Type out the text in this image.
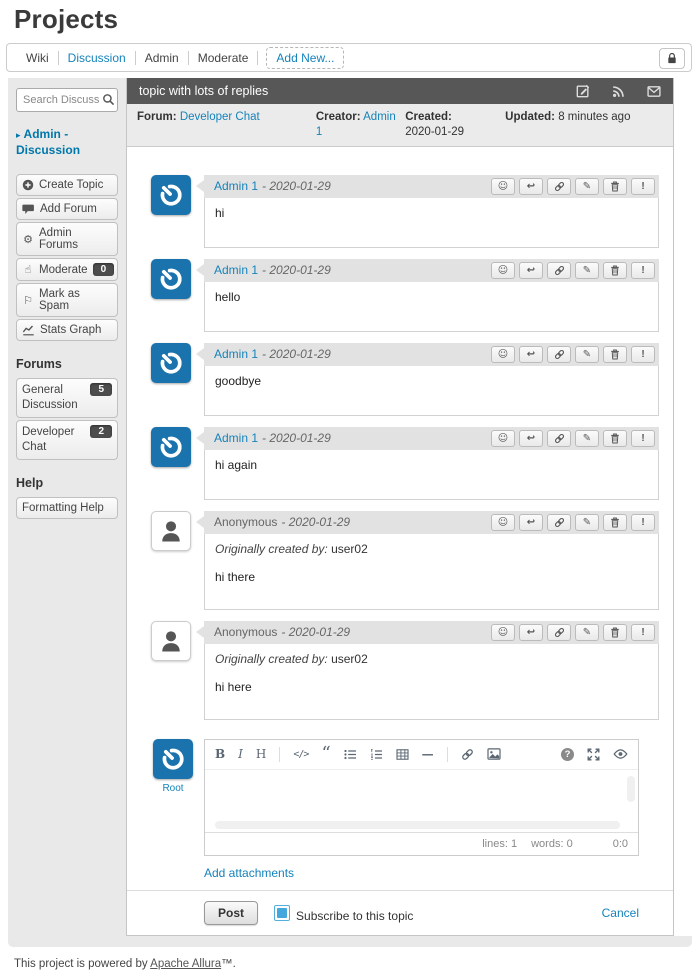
Projects
Wiki	Discussion	Admin	Moderate	Add New...
Search Discussion
▸ Admin - Discussion
Create Topic
Add Forum
⚙ Admin Forums
☝ Moderate	0
⚐ Mark as Spam
Stats Graph
Forums
General Discussion
5
Developer Chat
2
Help
Formatting Help
topic with lots of replies
Forum: Developer Chat	Creator: Admin 1
Created:
2020-01-29
Updated: 8 minutes ago
Admin 1 - 2020-01-29	☺ ↩	✎	!

hi

Admin 1 - 2020-01-29	☺ ↩	✎	!

hello

Admin 1 - 2020-01-29	☺ ↩	✎	!

goodbye

Admin 1 - 2020-01-29	☺ ↩	✎	!

hi again

Anonymous - 2020-01-29	☺ ↩	✎	!

Originally created by: user02

hi there

Anonymous - 2020-01-29	☺ ↩	✎	!

Originally created by: user02

hi here

Root
B I H	</> “	—	?
lines: 1 words: 0	0:0
Add attachments
Post	Subscribe to this topic	Cancel
This project is powered by Apache Allura™.
